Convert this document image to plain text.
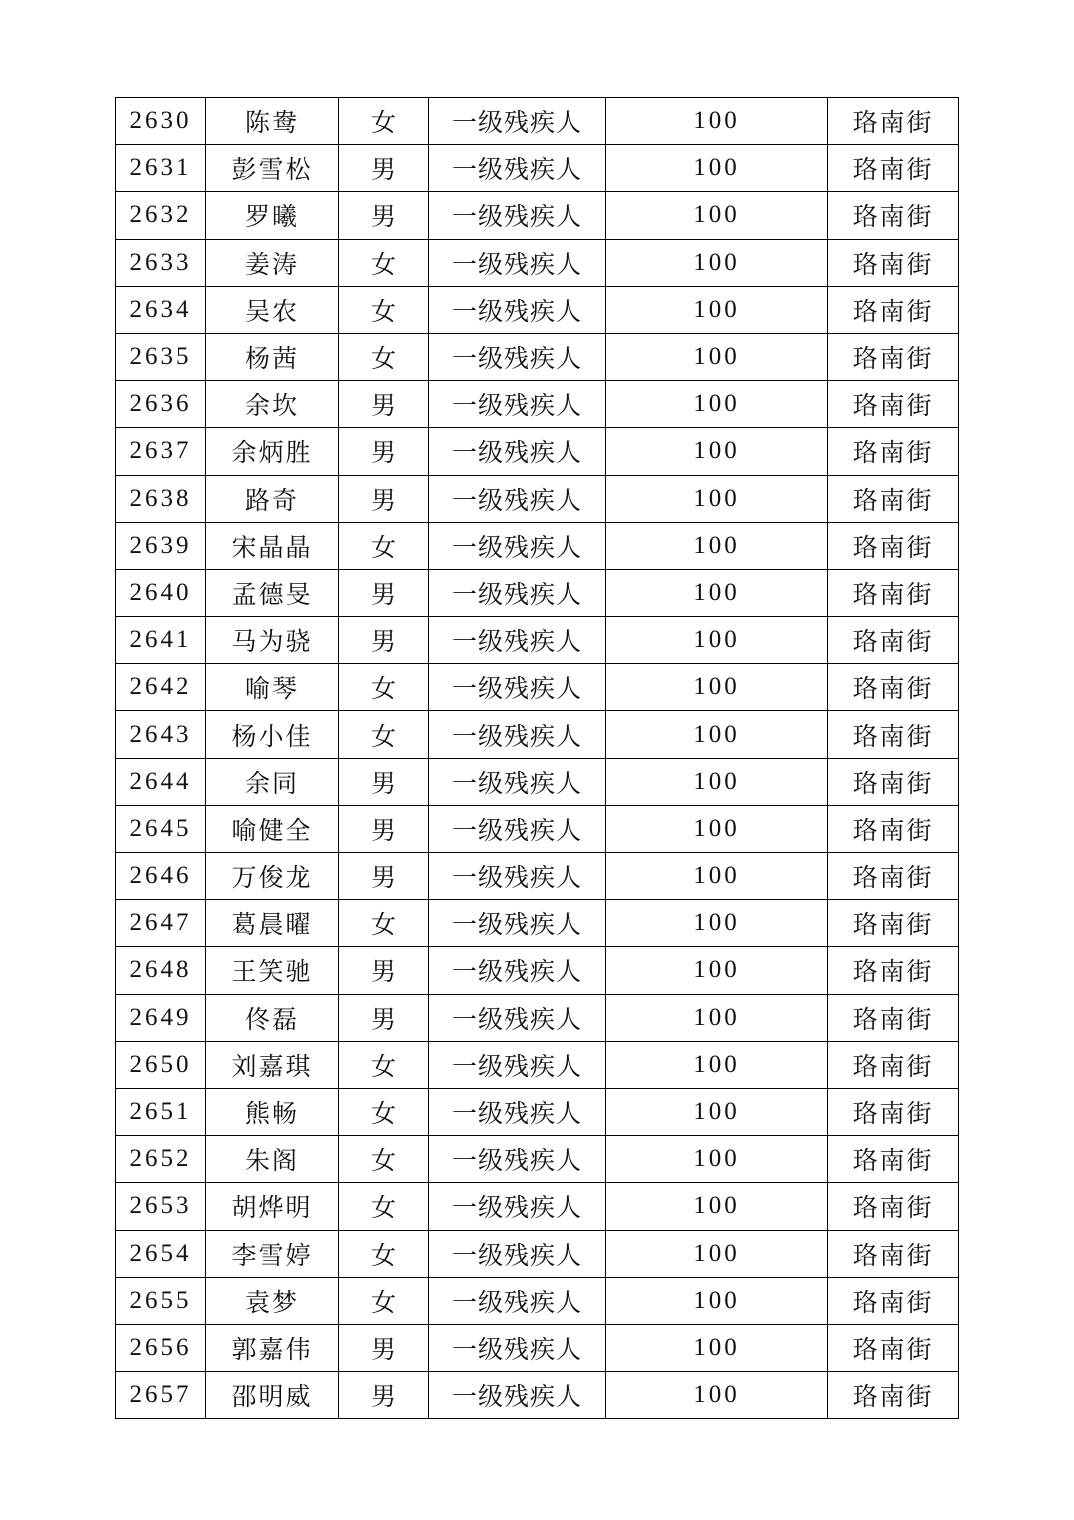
2630	陈鸯	女	一级残疾人	100	珞南街
2631	彭雪松	男	一级残疾人	100	珞南街
2632	罗曦	男	一级残疾人	100	珞南街
2633	姜涛	女	一级残疾人	100	珞南街
2634	吴农	女	一级残疾人	100	珞南街
2635	杨茜	女	一级残疾人	100	珞南街
2636	余坎	男	一级残疾人	100	珞南街
2637	余炳胜	男	一级残疾人	100	珞南街
2638	路奇	男	一级残疾人	100	珞南街
2639	宋晶晶	女	一级残疾人	100	珞南街
2640	孟德旻	男	一级残疾人	100	珞南街
2641	马为骁	男	一级残疾人	100	珞南街
2642	喻琴	女	一级残疾人	100	珞南街
2643	杨小佳	女	一级残疾人	100	珞南街
2644	余同	男	一级残疾人	100	珞南街
2645	喻健全	男	一级残疾人	100	珞南街
2646	万俊龙	男	一级残疾人	100	珞南街
2647	葛晨曜	女	一级残疾人	100	珞南街
2648	王笑驰	男	一级残疾人	100	珞南街
2649	佟磊	男	一级残疾人	100	珞南街
2650	刘嘉琪	女	一级残疾人	100	珞南街
2651	熊畅	女	一级残疾人	100	珞南街
2652	朱阁	女	一级残疾人	100	珞南街
2653	胡烨明	女	一级残疾人	100	珞南街
2654	李雪婷	女	一级残疾人	100	珞南街
2655	袁梦	女	一级残疾人	100	珞南街
2656	郭嘉伟	男	一级残疾人	100	珞南街
2657	邵明威	男	一级残疾人	100	珞南街
